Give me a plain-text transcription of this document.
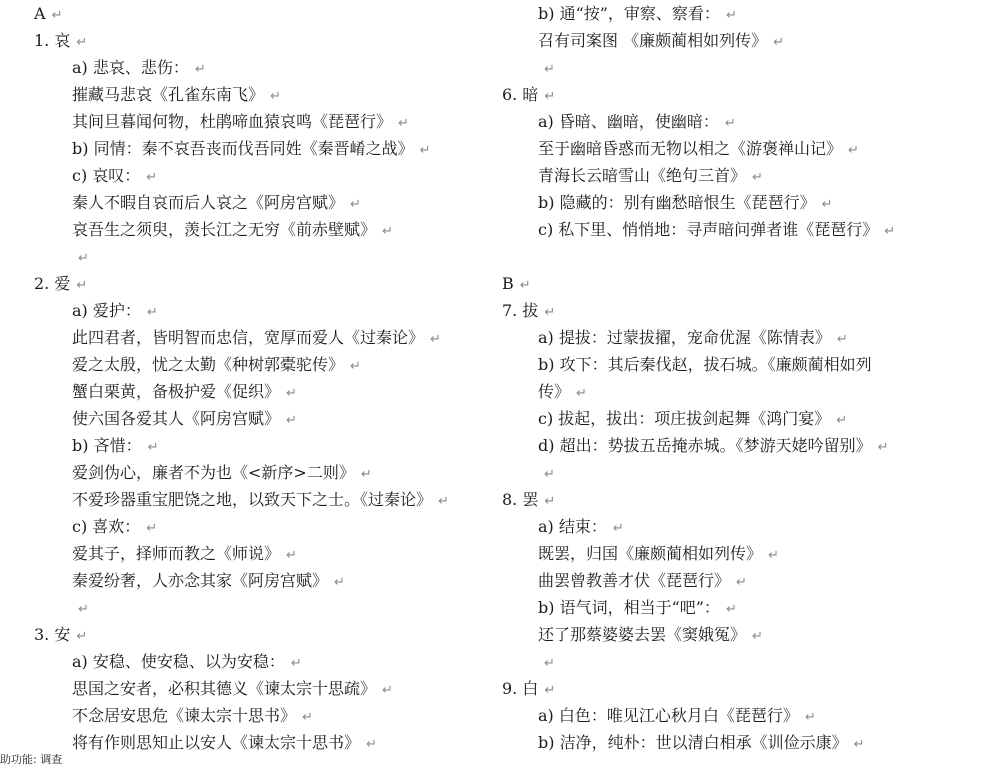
A ↵
1. 哀 ↵
a) 悲哀、悲伤： ↵
摧藏马悲哀《孔雀东南飞》 ↵
其间旦暮闻何物，杜鹃啼血猿哀鸣《琵琶行》 ↵
b) 同情：秦不哀吾丧而伐吾同姓《秦晋崤之战》 ↵
c) 哀叹： ↵
秦人不暇自哀而后人哀之《阿房宫赋》 ↵
哀吾生之须臾，羡长江之无穷《前赤壁赋》 ↵
↵
2. 爱 ↵
a) 爱护： ↵
此四君者，皆明智而忠信，宽厚而爱人《过秦论》 ↵
爱之太殷，忧之太勤《种树郭橐驼传》 ↵
蟹白栗黄，备极护爱《促织》 ↵
使六国各爱其人《阿房宫赋》 ↵
b) 吝惜： ↵
爱剑伪心，廉者不为也《<新序>二则》 ↵
不爱珍器重宝肥饶之地，以致天下之士。《过秦论》 ↵
c) 喜欢： ↵
爱其子，择师而教之《师说》 ↵
秦爱纷奢，人亦念其家《阿房宫赋》 ↵
↵
3. 安 ↵
a) 安稳、使安稳、以为安稳： ↵
思国之安者，必积其德义《谏太宗十思疏》 ↵
不念居安思危《谏太宗十思书》 ↵
将有作则思知止以安人《谏太宗十思书》 ↵
b) 通“按”，审察、察看： ↵
召有司案图 《廉颇蔺相如列传》 ↵
↵
6. 暗 ↵
a) 昏暗、幽暗，使幽暗： ↵
至于幽暗昏惑而无物以相之《游褒禅山记》 ↵
青海长云暗雪山《绝句三首》 ↵
b) 隐藏的：别有幽愁暗恨生《琵琶行》 ↵
c) 私下里、悄悄地：寻声暗问弹者谁《琵琶行》 ↵
B ↵
7. 拔 ↵
a) 提拔：过蒙拔擢，宠命优渥《陈情表》 ↵
b) 攻下：其后秦伐赵，拔石城。《廉颇蔺相如列
传》 ↵
c) 拔起，拔出：项庄拔剑起舞《鸿门宴》 ↵
d) 超出：势拔五岳掩赤城。《梦游天姥吟留别》 ↵
↵
8. 罢 ↵
a) 结束： ↵
既罢，归国《廉颇蔺相如列传》 ↵
曲罢曾教善才伏《琵琶行》 ↵
b) 语气词，相当于“吧”： ↵
还了那蔡婆婆去罢《窦娥冤》 ↵
↵
9. 白 ↵
a) 白色：唯见江心秋月白《琵琶行》 ↵
b) 洁净，纯朴：世以清白相承《训俭示康》 ↵
助功能: 调查
